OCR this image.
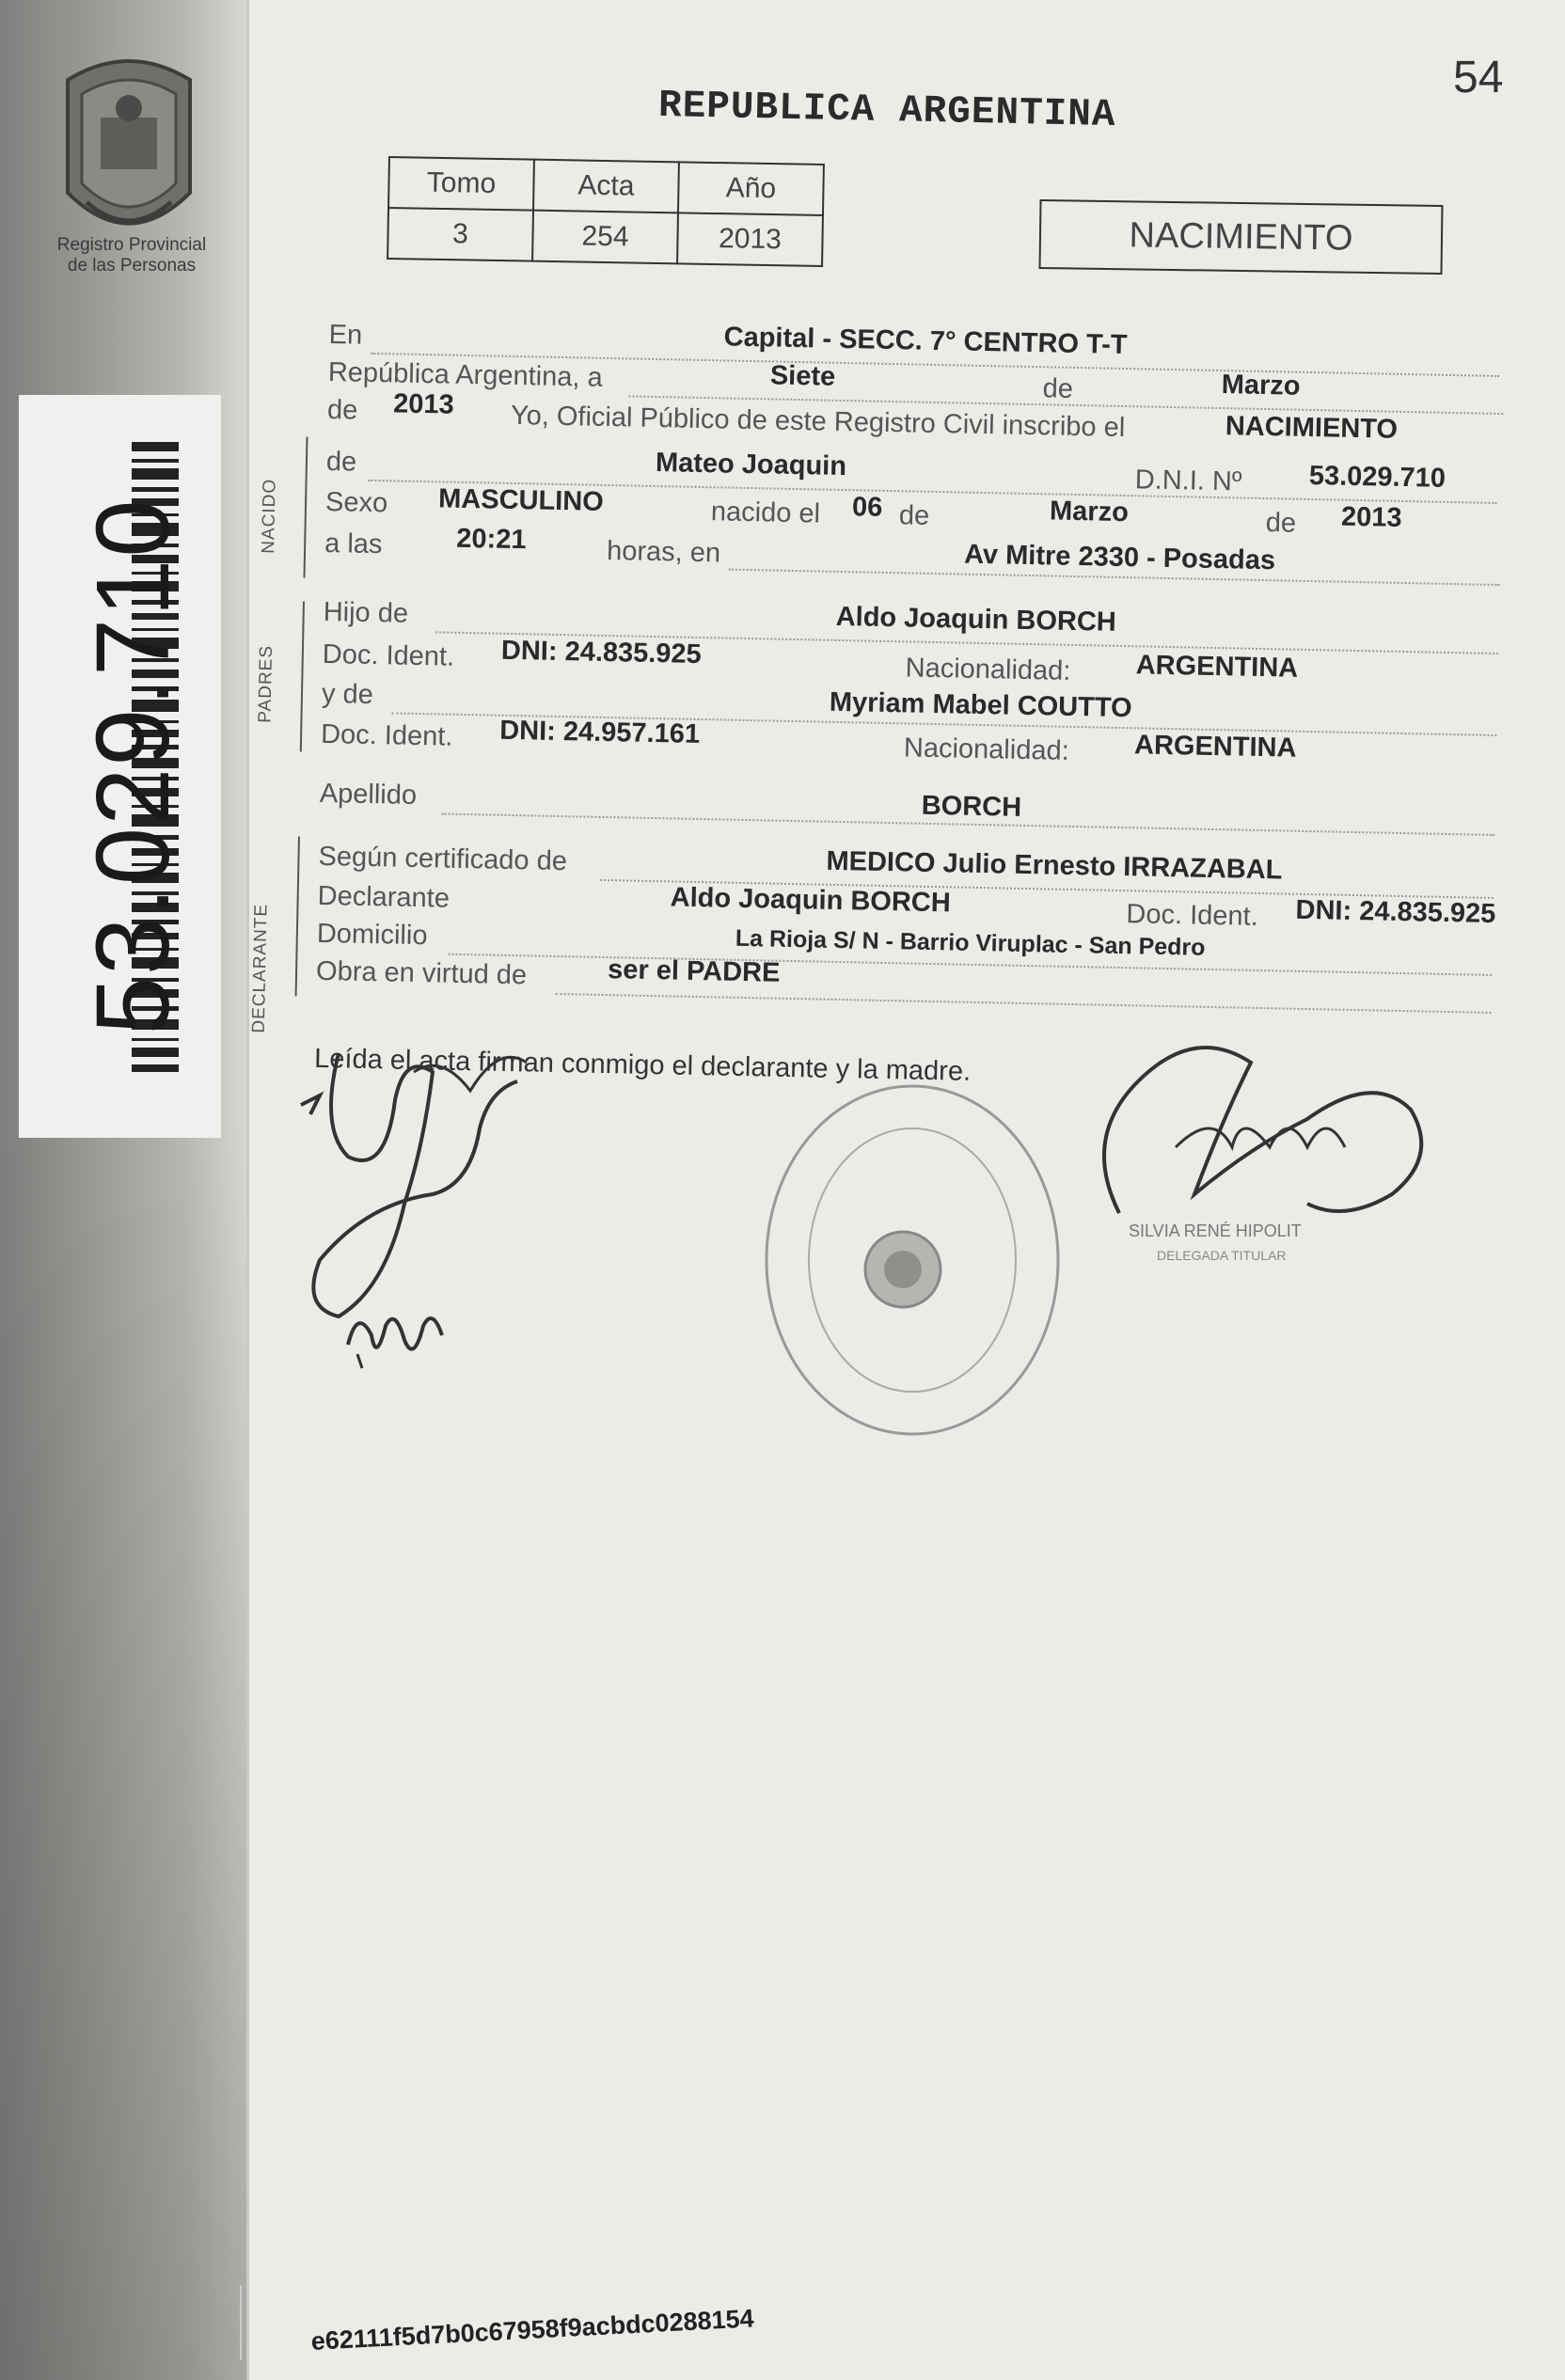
Registro Provincial
de las Personas
53.029.710
REPUBLICA ARGENTINA
54
Tomo	Acta	Año
3	254	2013	NACIMIENTO
NACIDO
PADRES
DECLARANTE
En	Capital - SECC. 7° CENTRO T-T
República Argentina, a	Siete	de	Marzo
de 2013 Yo, Oficial Público de este Registro Civil inscribo el	NACIMIENTO
de	Mateo Joaquin	D.N.I. Nº 53.029.710
Sexo MASCULINO	nacido el 06 de	Marzo	de 2013
a las	20:21	horas, en	Av Mitre 2330 - Posadas
Hijo de	Aldo Joaquin BORCH
Doc. Ident. DNI: 24.835.925
Nacionalidad: ARGENTINA
y de	Myriam Mabel COUTTO
Doc. Ident. DNI: 24.957.161
Nacionalidad: ARGENTINA
Apellido	BORCH
Según certificado de	MEDICO Julio Ernesto IRRAZABAL
Declarante	Aldo Joaquin BORCH	Doc. Ident. DNI: 24.835.925
Domicilio	La Rioja S/ N - Barrio Viruplac - San Pedro
Obra en virtud de	ser el PADRE
Leída el acta firman conmigo el declarante y la madre.
SILVIA RENÉ HIPOLIT
DELEGADA TITULAR
e62111f5d7b0c67958f9acbdc0288154
